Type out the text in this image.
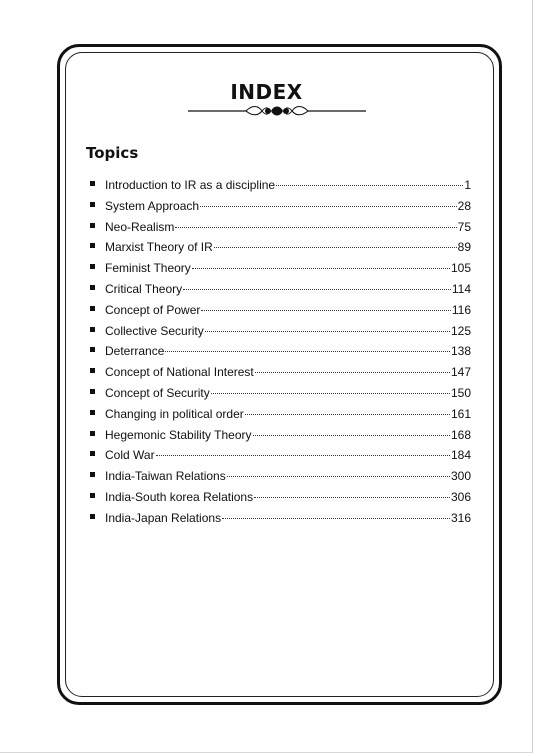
INDEX
Topics
Introduction to IR as a discipline	1
System Approach	28
Neo-Realism	75
Marxist Theory of IR	89
Feminist Theory	105
Critical Theory	114
Concept of Power	116
Collective Security	125
Deterrance	138
Concept of National Interest	147
Concept of Security	150
Changing in political order	161
Hegemonic Stability Theory	168
Cold War	184
India-Taiwan Relations	300
India-South korea Relations	306
India-Japan Relations	316
